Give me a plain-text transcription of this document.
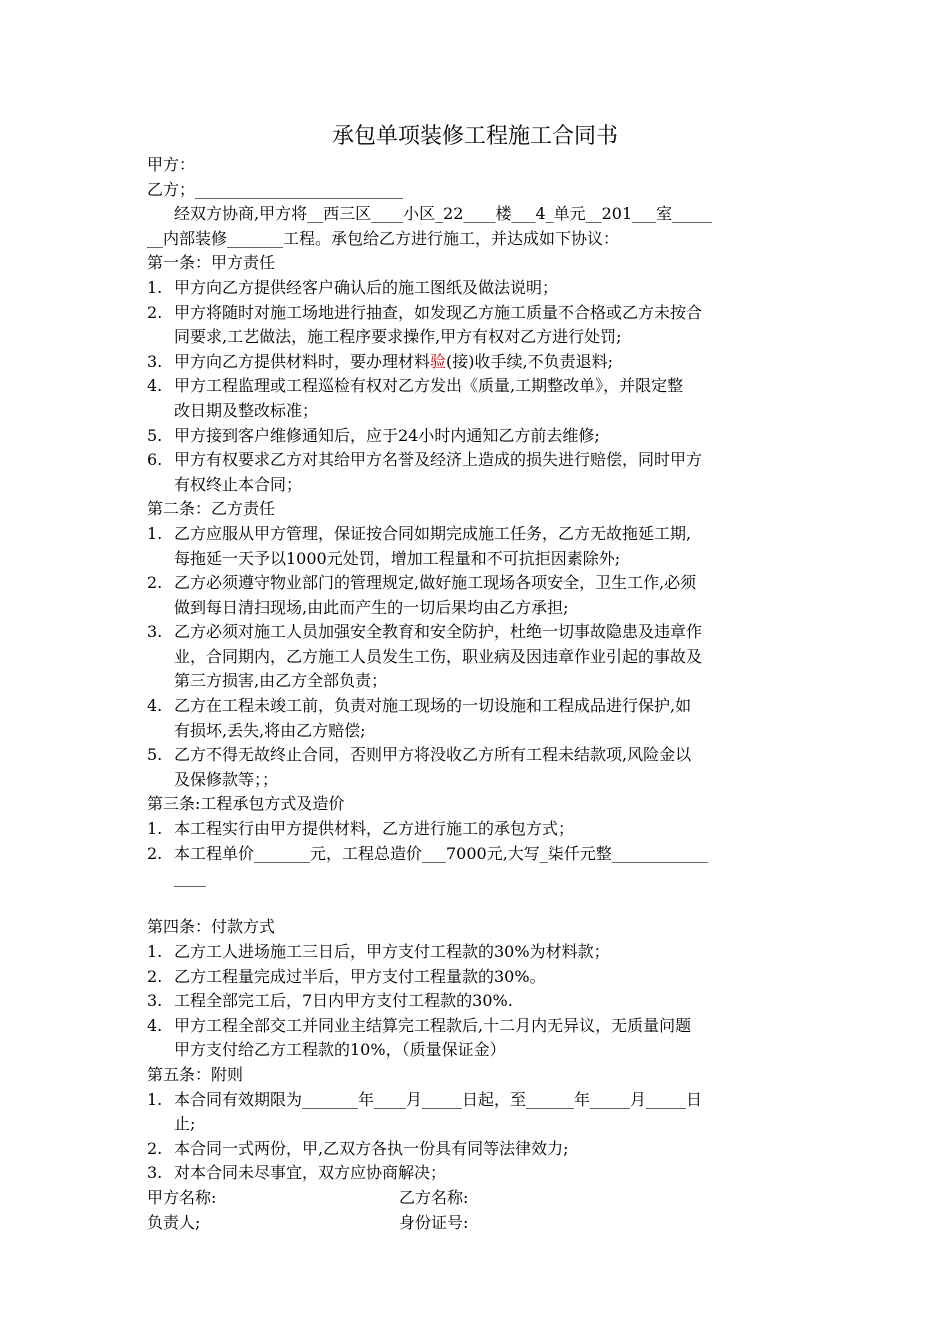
承包单项装修工程施工合同书
甲方：
乙方；__________________________
经双方协商,甲方将__西三区____小区_22____楼___4_单元__201___室_____
__内部装修_______工程。承包给乙方进行施工，并达成如下协议：
第一条：甲方责任
1. 甲方向乙方提供经客户确认后的施工图纸及做法说明；
2. 甲方将随时对施工场地进行抽查，如发现乙方施工质量不合格或乙方未按合
同要求,工艺做法，施工程序要求操作,甲方有权对乙方进行处罚;
3. 甲方向乙方提供材料时，要办理材料验(接)收手续,不负责退料;
4. 甲方工程监理或工程巡检有权对乙方发出《质量,工期整改单》，并限定整
改日期及整改标准；
5. 甲方接到客户维修通知后，应于24小时内通知乙方前去维修;
6. 甲方有权要求乙方对其给甲方名誉及经济上造成的损失进行赔偿，同时甲方
有权终止本合同；
第二条：乙方责任
1. 乙方应服从甲方管理，保证按合同如期完成施工任务，乙方无故拖延工期,
每拖延一天予以1000元处罚，增加工程量和不可抗拒因素除外;
2. 乙方必须遵守物业部门的管理规定,做好施工现场各项安全，卫生工作,必须
做到每日清扫现场,由此而产生的一切后果均由乙方承担;
3. 乙方必须对施工人员加强安全教育和安全防护，杜绝一切事故隐患及违章作
业，合同期内，乙方施工人员发生工伤，职业病及因违章作业引起的事故及
第三方损害,由乙方全部负责；
4. 乙方在工程未竣工前，负责对施工现场的一切设施和工程成品进行保护,如
有损坏,丢失,将由乙方赔偿;
5. 乙方不得无故终止合同，否则甲方将没收乙方所有工程未结款项,风险金以
及保修款等；；
第三条:工程承包方式及造价
1. 本工程实行由甲方提供材料，乙方进行施工的承包方式；
2. 本工程单价_______元，工程总造价___7000元,大写_柒仟元整____________
____
第四条：付款方式
1. 乙方工人进场施工三日后，甲方支付工程款的30%为材料款；
2. 乙方工程量完成过半后，甲方支付工程量款的30%。
3. 工程全部完工后，7日内甲方支付工程款的30%.
4. 甲方工程全部交工并同业主结算完工程款后,十二月内无异议，无质量问题
甲方支付给乙方工程款的10%，（质量保证金）
第五条：附则
1. 本合同有效期限为_______年____月_____日起，至______年_____月_____日
止;
2. 本合同一式两份，甲,乙双方各执一份具有同等法律效力;
3. 对本合同未尽事宜，双方应协商解决；
甲方名称:	乙方名称:
负责人;	身份证号:
